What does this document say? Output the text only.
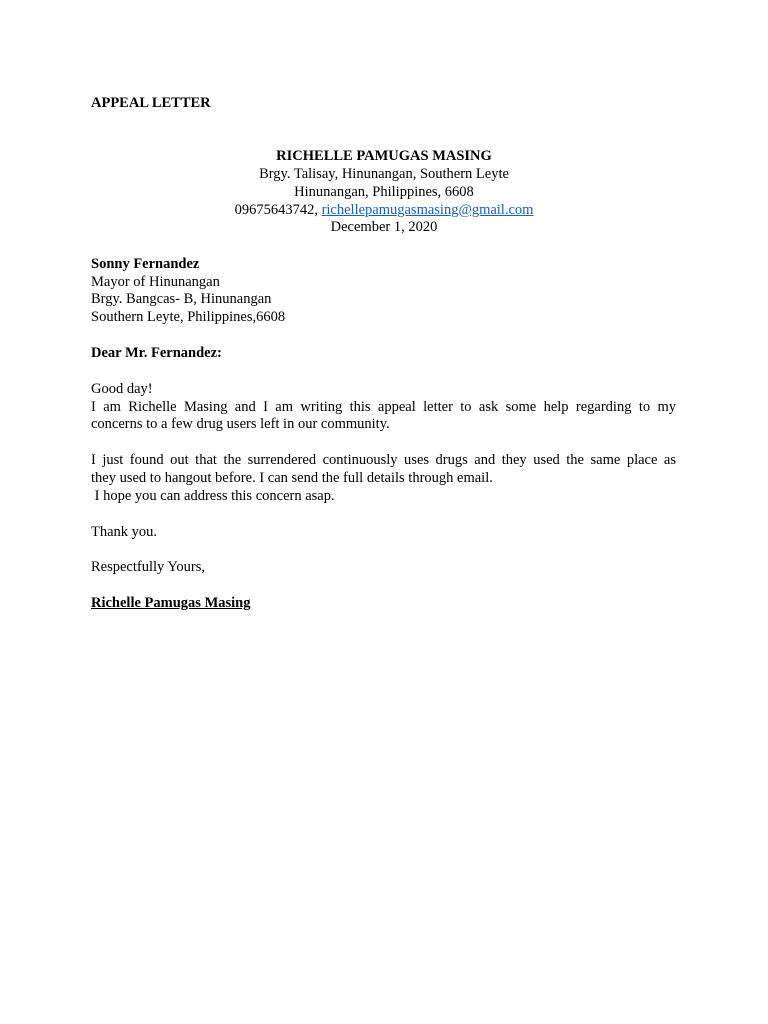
APPEAL LETTER
RICHELLE PAMUGAS MASING
Brgy. Talisay, Hinunangan, Southern Leyte
Hinunangan, Philippines, 6608
09675643742, richellepamugasmasing@gmail.com
December 1, 2020
Sonny Fernandez
Mayor of Hinunangan
Brgy. Bangcas- B, Hinunangan
Southern Leyte, Philippines,6608
Dear Mr. Fernandez:
Good day!
I am Richelle Masing and I am writing this appeal letter to ask some help regarding to my
concerns to a few drug users left in our community.
I just found out that the surrendered continuously uses drugs and they used the same place as
they used to hangout before. I can send the full details through email.
I hope you can address this concern asap.
Thank you.
Respectfully Yours,
Richelle Pamugas Masing
